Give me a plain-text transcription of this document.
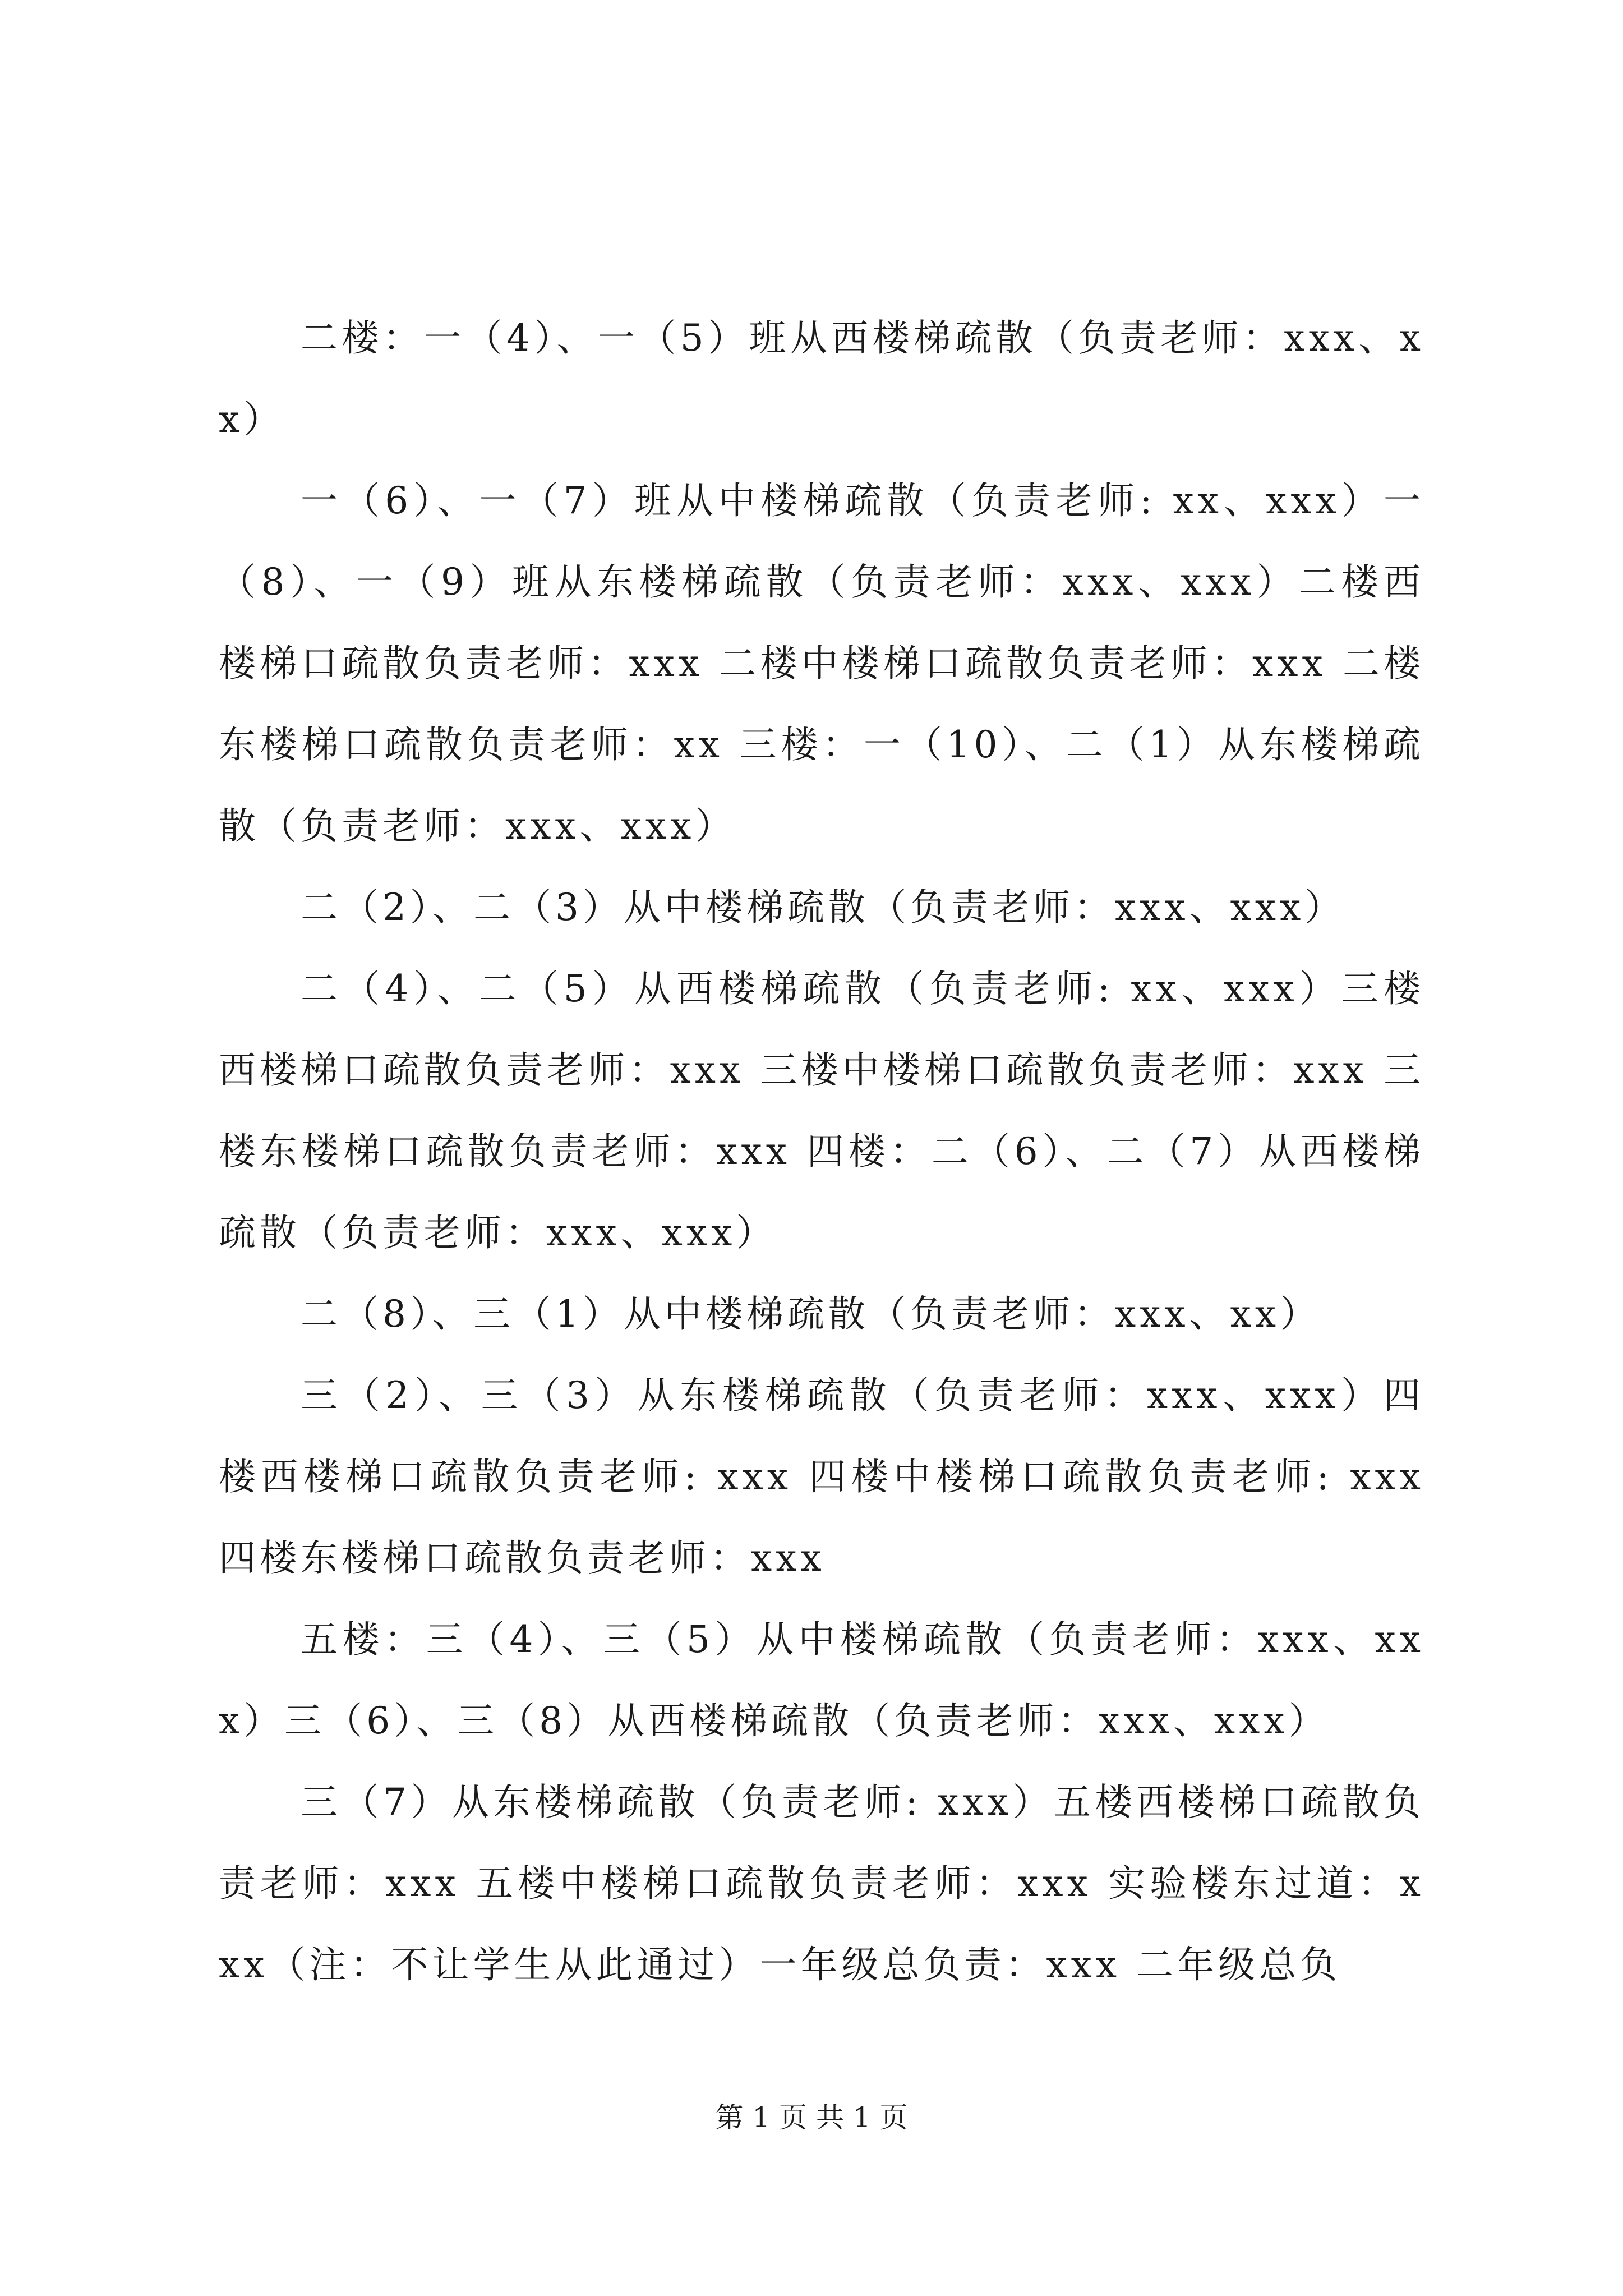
二楼：一（4）、一（5）班从西楼梯疏散（负责老师：xxx、xx）

一（6）、一（7）班从中楼梯疏散（负责老师: xx、xxx）一（8）、一（9）班从东楼梯疏散（负责老师：xxx、xxx）二楼西楼梯口疏散负责老师：xxx 二楼中楼梯口疏散负责老师：xxx 二楼东楼梯口疏散负责老师：xx 三楼：一（10）、二（1）从东楼梯疏散（负责老师：xxx、xxx）

二（2）、二（3）从中楼梯疏散（负责老师：xxx、xxx）

二（4）、二（5）从西楼梯疏散（负责老师: xx、xxx）三楼西楼梯口疏散负责老师：xxx 三楼中楼梯口疏散负责老师：xxx 三楼东楼梯口疏散负责老师：xxx 四楼：二（6）、二（7）从西楼梯疏散（负责老师：xxx、xxx）

二（8）、三（1）从中楼梯疏散（负责老师：xxx、xx）

三（2）、三（3）从东楼梯疏散（负责老师：xxx、xxx）四楼西楼梯口疏散负责老师: xxx 四楼中楼梯口疏散负责老师: xxx 四楼东楼梯口疏散负责老师：xxx

五楼：三（4）、三（5）从中楼梯疏散（负责老师：xxx、xxx）三（6）、三（8）从西楼梯疏散（负责老师：xxx、xxx）

三（7）从东楼梯疏散（负责老师: xxx）五楼西楼梯口疏散负责老师：xxx 五楼中楼梯口疏散负责老师：xxx 实验楼东过道：xxx（注：不让学生从此通过）一年级总负责：xxx 二年级总负

第 1 页 共 1 页
